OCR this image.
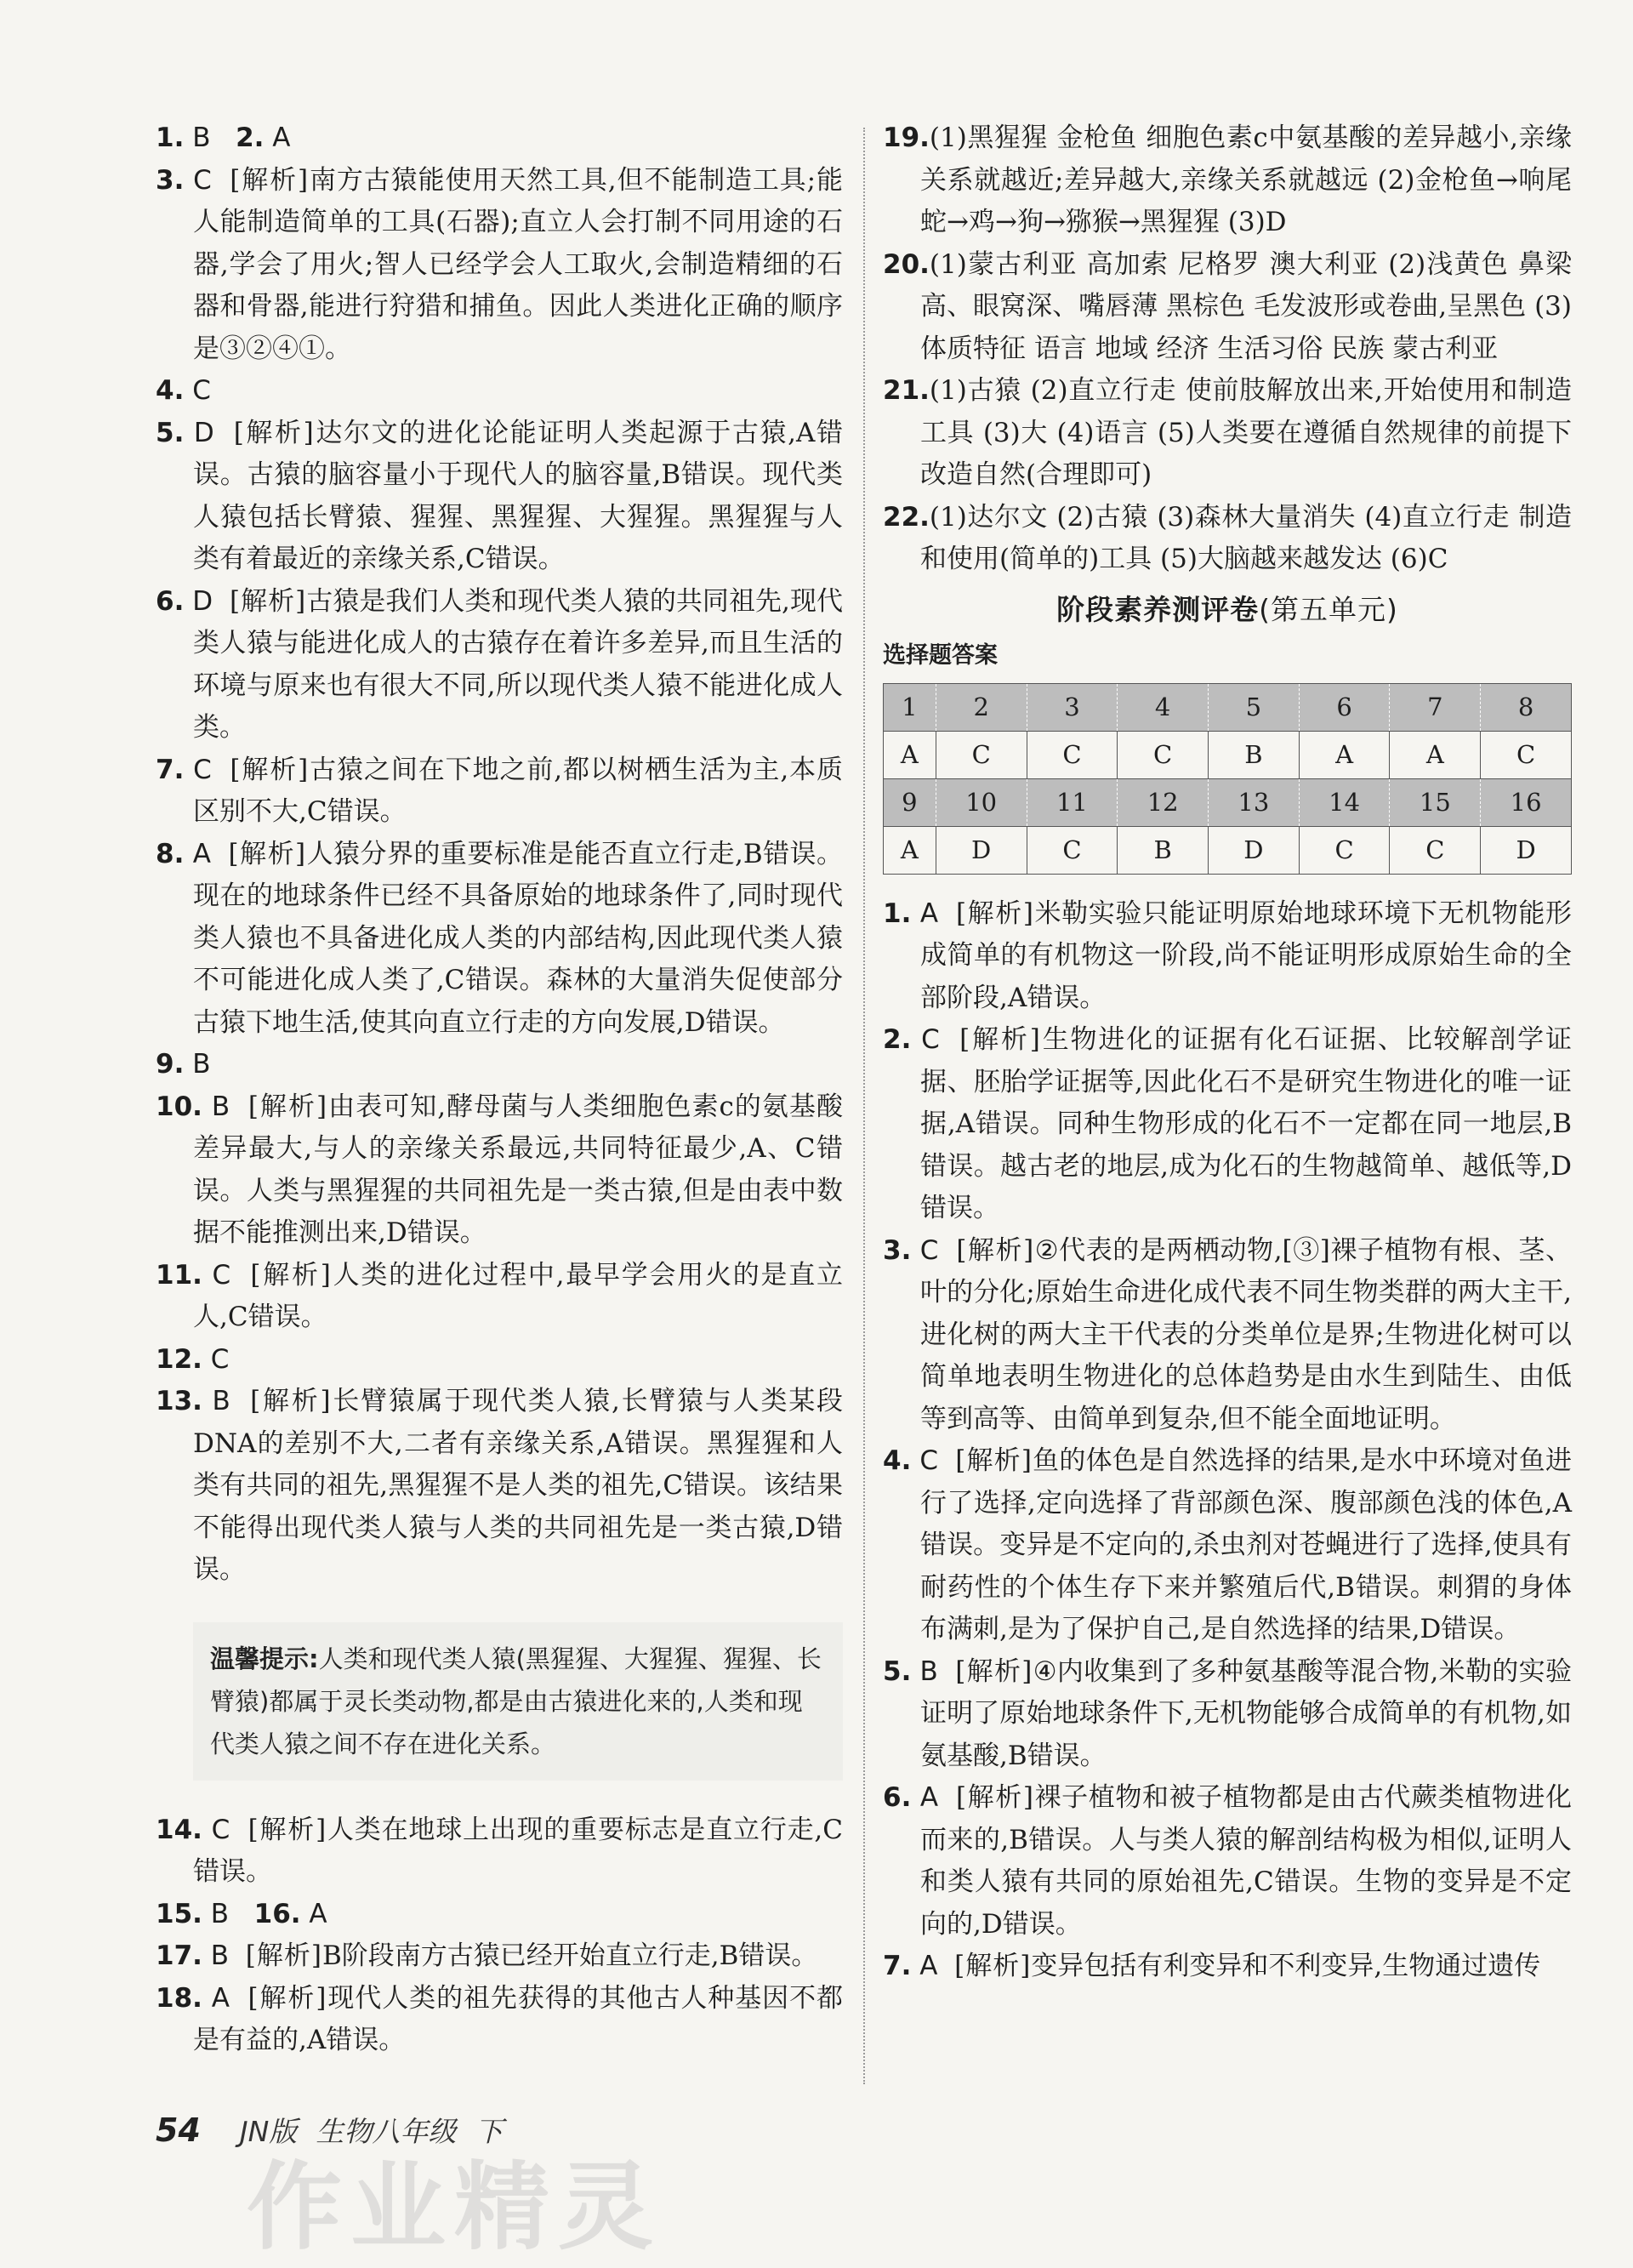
1. B 2. A

3. C [解析]南方古猿能使用天然工具,但不能制造工具;能人能制造简单的工具(石器);直立人会打制不同用途的石器,学会了用火;智人已经学会人工取火,会制造精细的石器和骨器,能进行狩猎和捕鱼。因此人类进化正确的顺序是③②④①。

4. C

5. D [解析]达尔文的进化论能证明人类起源于古猿,A错误。古猿的脑容量小于现代人的脑容量,B错误。现代类人猿包括长臂猿、猩猩、黑猩猩、大猩猩。黑猩猩与人类有着最近的亲缘关系,C错误。

6. D [解析]古猿是我们人类和现代类人猿的共同祖先,现代类人猿与能进化成人的古猿存在着许多差异,而且生活的环境与原来也有很大不同,所以现代类人猿不能进化成人类。

7. C [解析]古猿之间在下地之前,都以树栖生活为主,本质区别不大,C错误。

8. A [解析]人猿分界的重要标准是能否直立行走,B错误。现在的地球条件已经不具备原始的地球条件了,同时现代类人猿也不具备进化成人类的内部结构,因此现代类人猿不可能进化成人类了,C错误。森林的大量消失促使部分古猿下地生活,使其向直立行走的方向发展,D错误。

9. B

10. B [解析]由表可知,酵母菌与人类细胞色素c的氨基酸差异最大,与人的亲缘关系最远,共同特征最少,A、C错误。人类与黑猩猩的共同祖先是一类古猿,但是由表中数据不能推测出来,D错误。

11. C [解析]人类的进化过程中,最早学会用火的是直立人,C错误。

12. C

13. B [解析]长臂猿属于现代类人猿,长臂猿与人类某段DNA的差别不大,二者有亲缘关系,A错误。黑猩猩和人类有共同的祖先,黑猩猩不是人类的祖先,C错误。该结果不能得出现代类人猿与人类的共同祖先是一类古猿,D错误。

温馨提示:人类和现代类人猿(黑猩猩、大猩猩、猩猩、长臂猿)都属于灵长类动物,都是由古猿进化来的,人类和现代类人猿之间不存在进化关系。

14. C [解析]人类在地球上出现的重要标志是直立行走,C错误。

15. B 16. A

17. B [解析]B阶段南方古猿已经开始直立行走,B错误。

18. A [解析]现代人类的祖先获得的其他古人种基因不都是有益的,A错误。

19.(1)黑猩猩 金枪鱼 细胞色素c中氨基酸的差异越小,亲缘关系就越近;差异越大,亲缘关系就越远 (2)金枪鱼→响尾蛇→鸡→狗→猕猴→黑猩猩 (3)D

20.(1)蒙古利亚 高加索 尼格罗 澳大利亚 (2)浅黄色 鼻梁高、眼窝深、嘴唇薄 黑棕色 毛发波形或卷曲,呈黑色 (3)体质特征 语言 地域 经济 生活习俗 民族 蒙古利亚

21.(1)古猿 (2)直立行走 使前肢解放出来,开始使用和制造工具 (3)大 (4)语言 (5)人类要在遵循自然规律的前提下改造自然(合理即可)

22.(1)达尔文 (2)古猿 (3)森林大量消失 (4)直立行走 制造和使用(简单的)工具 (5)大脑越来越发达 (6)C

阶段素养测评卷(第五单元)
选择题答案
1	2	3	4	5	6	7	8
A	C	C	C	B	A	A	C
9	10	11	12	13	14	15	16
A	D	C	B	D	C	C	D

1. A [解析]米勒实验只能证明原始地球环境下无机物能形成简单的有机物这一阶段,尚不能证明形成原始生命的全部阶段,A错误。

2. C [解析]生物进化的证据有化石证据、比较解剖学证据、胚胎学证据等,因此化石不是研究生物进化的唯一证据,A错误。同种生物形成的化石不一定都在同一地层,B错误。越古老的地层,成为化石的生物越简单、越低等,D错误。

3. C [解析]②代表的是两栖动物,[③]裸子植物有根、茎、叶的分化;原始生命进化成代表不同生物类群的两大主干,进化树的两大主干代表的分类单位是界;生物进化树可以简单地表明生物进化的总体趋势是由水生到陆生、由低等到高等、由简单到复杂,但不能全面地证明。

4. C [解析]鱼的体色是自然选择的结果,是水中环境对鱼进行了选择,定向选择了背部颜色深、腹部颜色浅的体色,A错误。变异是不定向的,杀虫剂对苍蝇进行了选择,使具有耐药性的个体生存下来并繁殖后代,B错误。刺猬的身体布满刺,是为了保护自己,是自然选择的结果,D错误。

5. B [解析]④内收集到了多种氨基酸等混合物,米勒的实验证明了原始地球条件下,无机物能够合成简单的有机物,如氨基酸,B错误。

6. A [解析]裸子植物和被子植物都是由古代蕨类植物进化而来的,B错误。人与类人猿的解剖结构极为相似,证明人和类人猿有共同的原始祖先,C错误。生物的变异是不定向的,D错误。

7. A [解析]变异包括有利变异和不利变异,生物通过遗传

54 JN版 生物八年级 下
作业精灵
